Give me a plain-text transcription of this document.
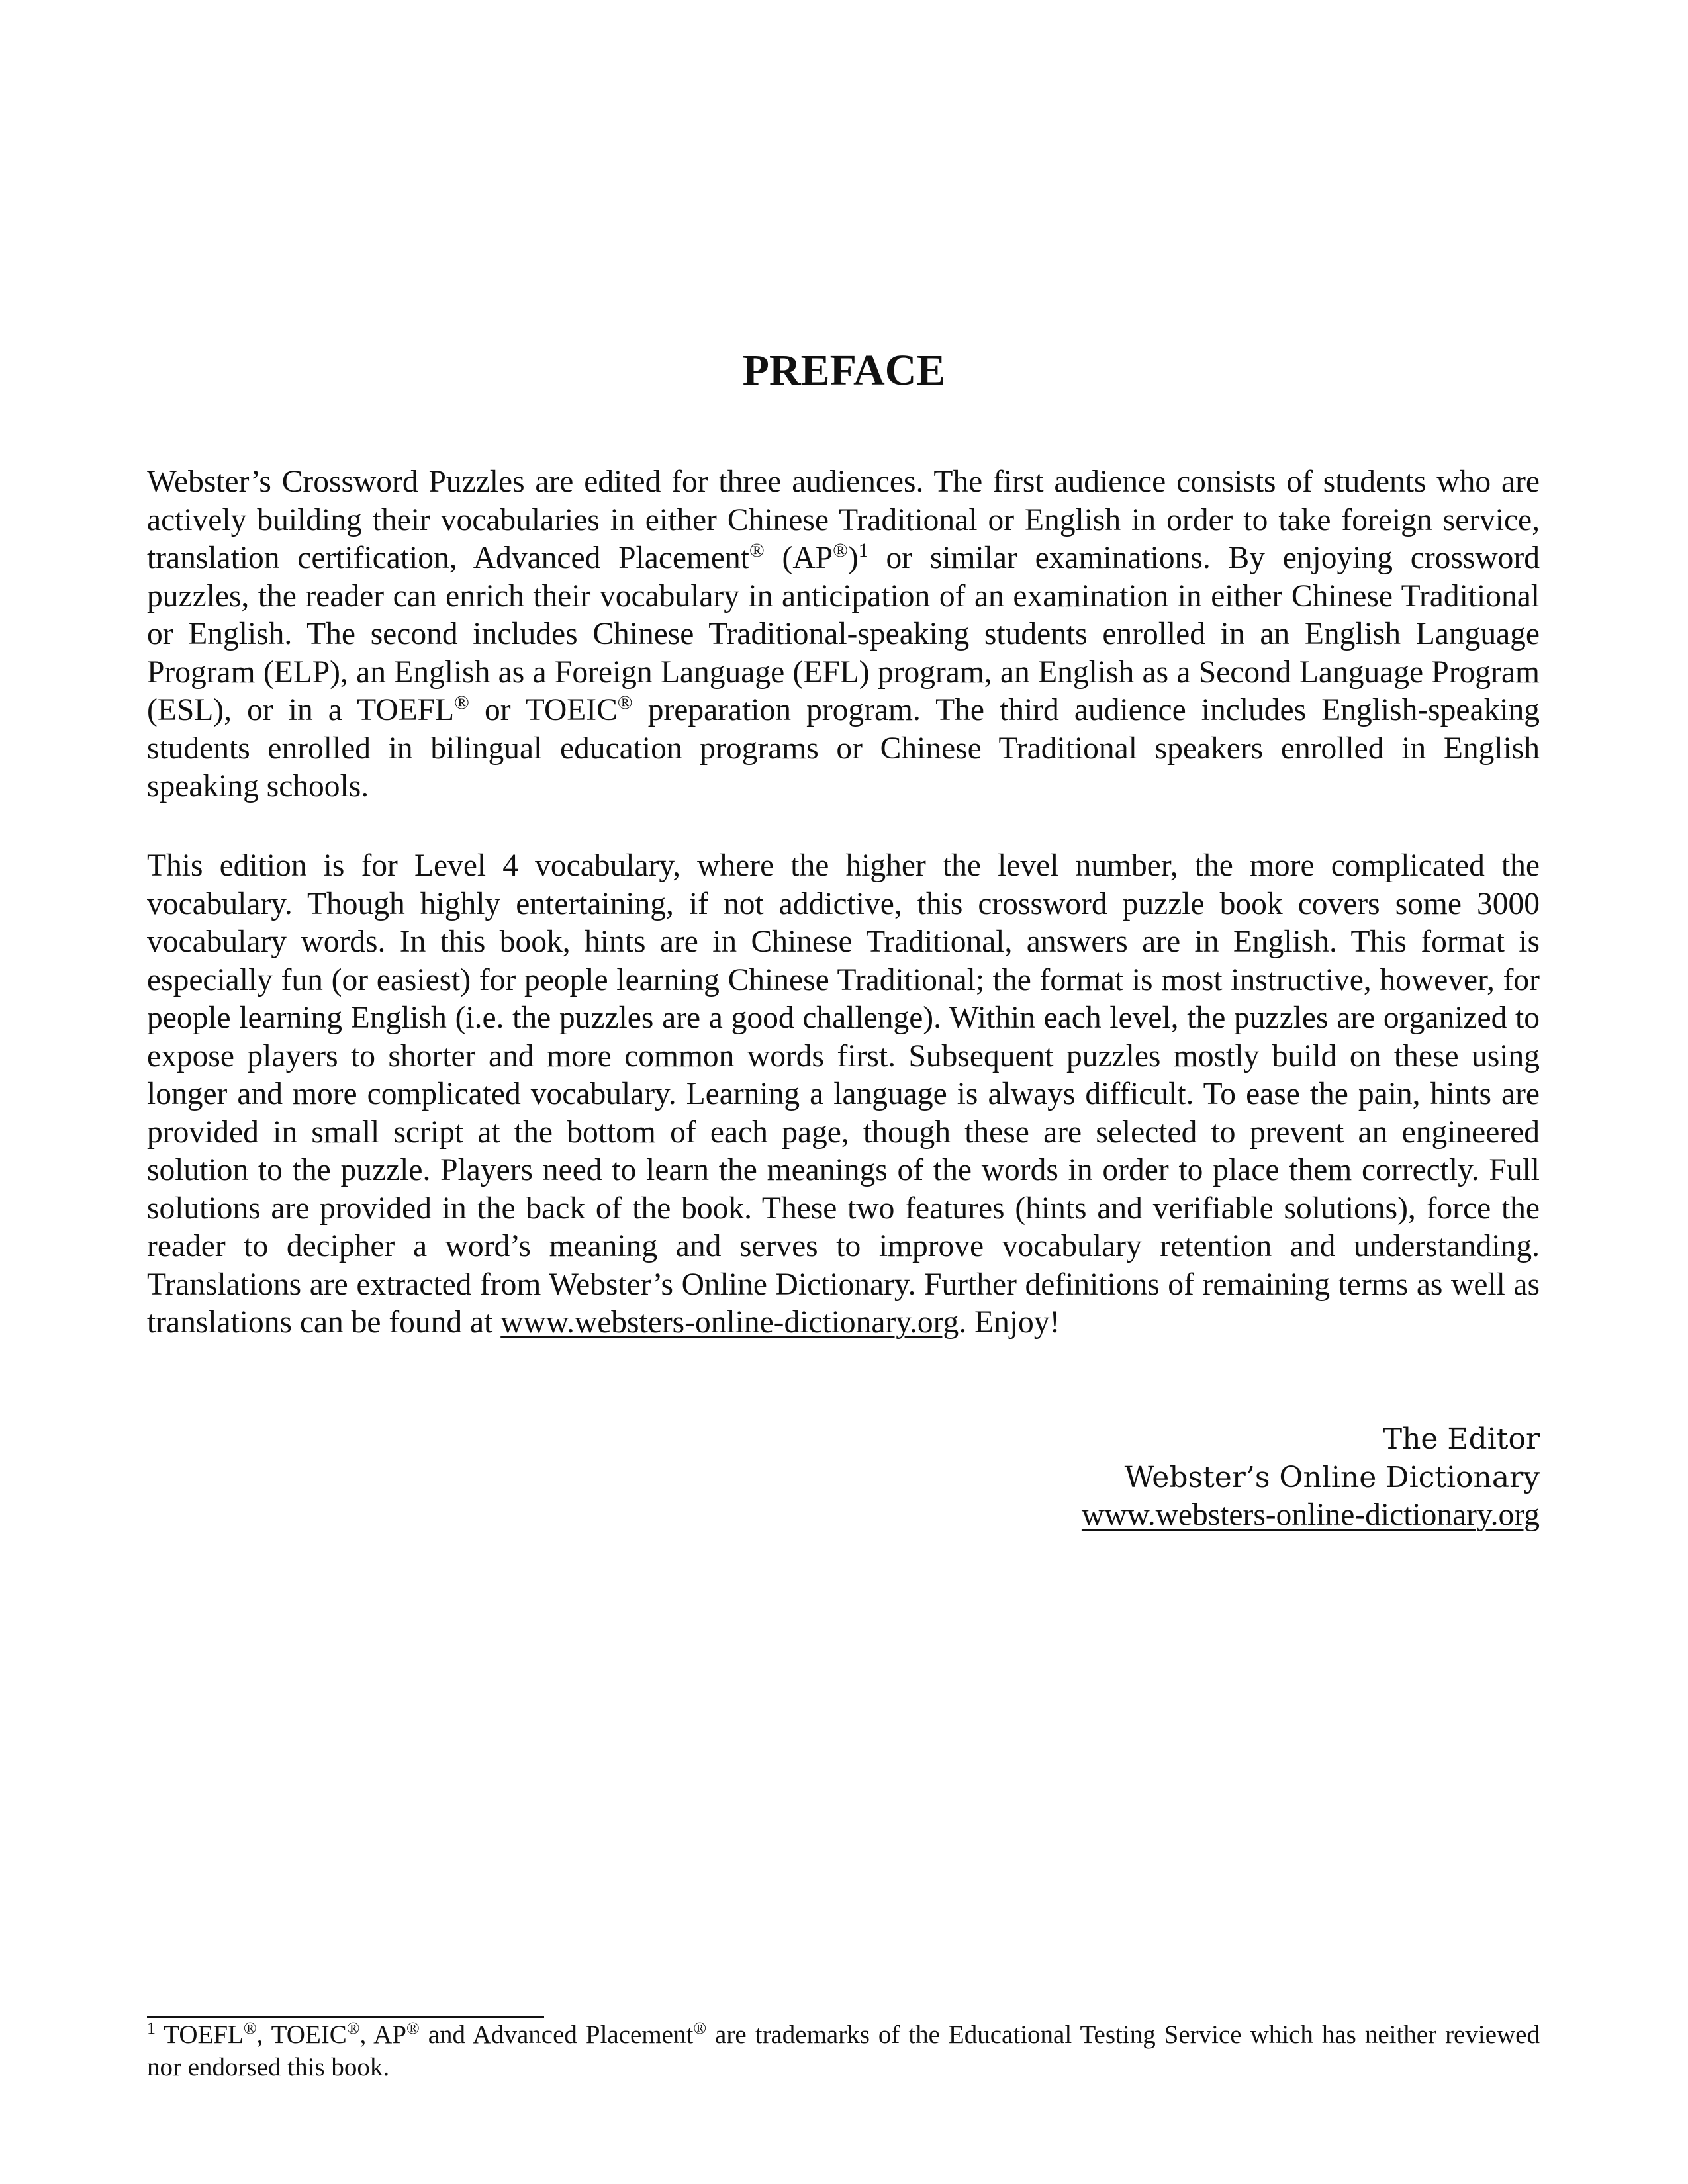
PREFACE

Webster’s Crossword Puzzles are edited for three audiences. The first audience consists of students who are actively building their vocabularies in either Chinese Traditional or English in order to take foreign service, translation certification, Advanced Placement® $(AP®)^1$ or similar examinations. By enjoying crossword puzzles, the reader can enrich their vocabulary in anticipation of an examination in either Chinese Traditional or English. The second includes Chinese Traditional-speaking students enrolled in an English Language Program (ELP), an English as a Foreign Language (EFL) program, an English as a Second Language Program (ESL), or in a TOEFL® or TOEIC® preparation program. The third audience includes English-speaking students enrolled in bilingual education programs or Chinese Traditional speakers enrolled in English speaking schools.

This edition is for Level 4 vocabulary, where the higher the level number, the more complicated the vocabulary. Though highly entertaining, if not addictive, this crossword puzzle book covers some 3000 vocabulary words. In this book, hints are in Chinese Traditional, answers are in English. This format is especially fun (or easiest) for people learning Chinese Traditional; the format is most instructive, however, for people learning English (i.e. the puzzles are a good challenge). Within each level, the puzzles are organized to expose players to shorter and more common words first. Subsequent puzzles mostly build on these using longer and more complicated vocabulary. Learning a language is always difficult. To ease the pain, hints are provided in small script at the bottom of each page, though these are selected to prevent an engineered solution to the puzzle. Players need to learn the meanings of the words in order to place them correctly. Full solutions are provided in the back of the book. These two features (hints and verifiable solutions), force the reader to decipher a word’s meaning and serves to improve vocabulary retention and understanding. Translations are extracted from Webster’s Online Dictionary. Further definitions of remaining terms as well as translations can be found at www.websters-online-dictionary.org. Enjoy!

The Editor
Webster’s Online Dictionary
www.websters-online-dictionary.org

$^1$ TOEFL®, TOEIC®, AP® and Advanced Placement® are trademarks of the Educational Testing Service which has neither reviewed nor endorsed this book.
